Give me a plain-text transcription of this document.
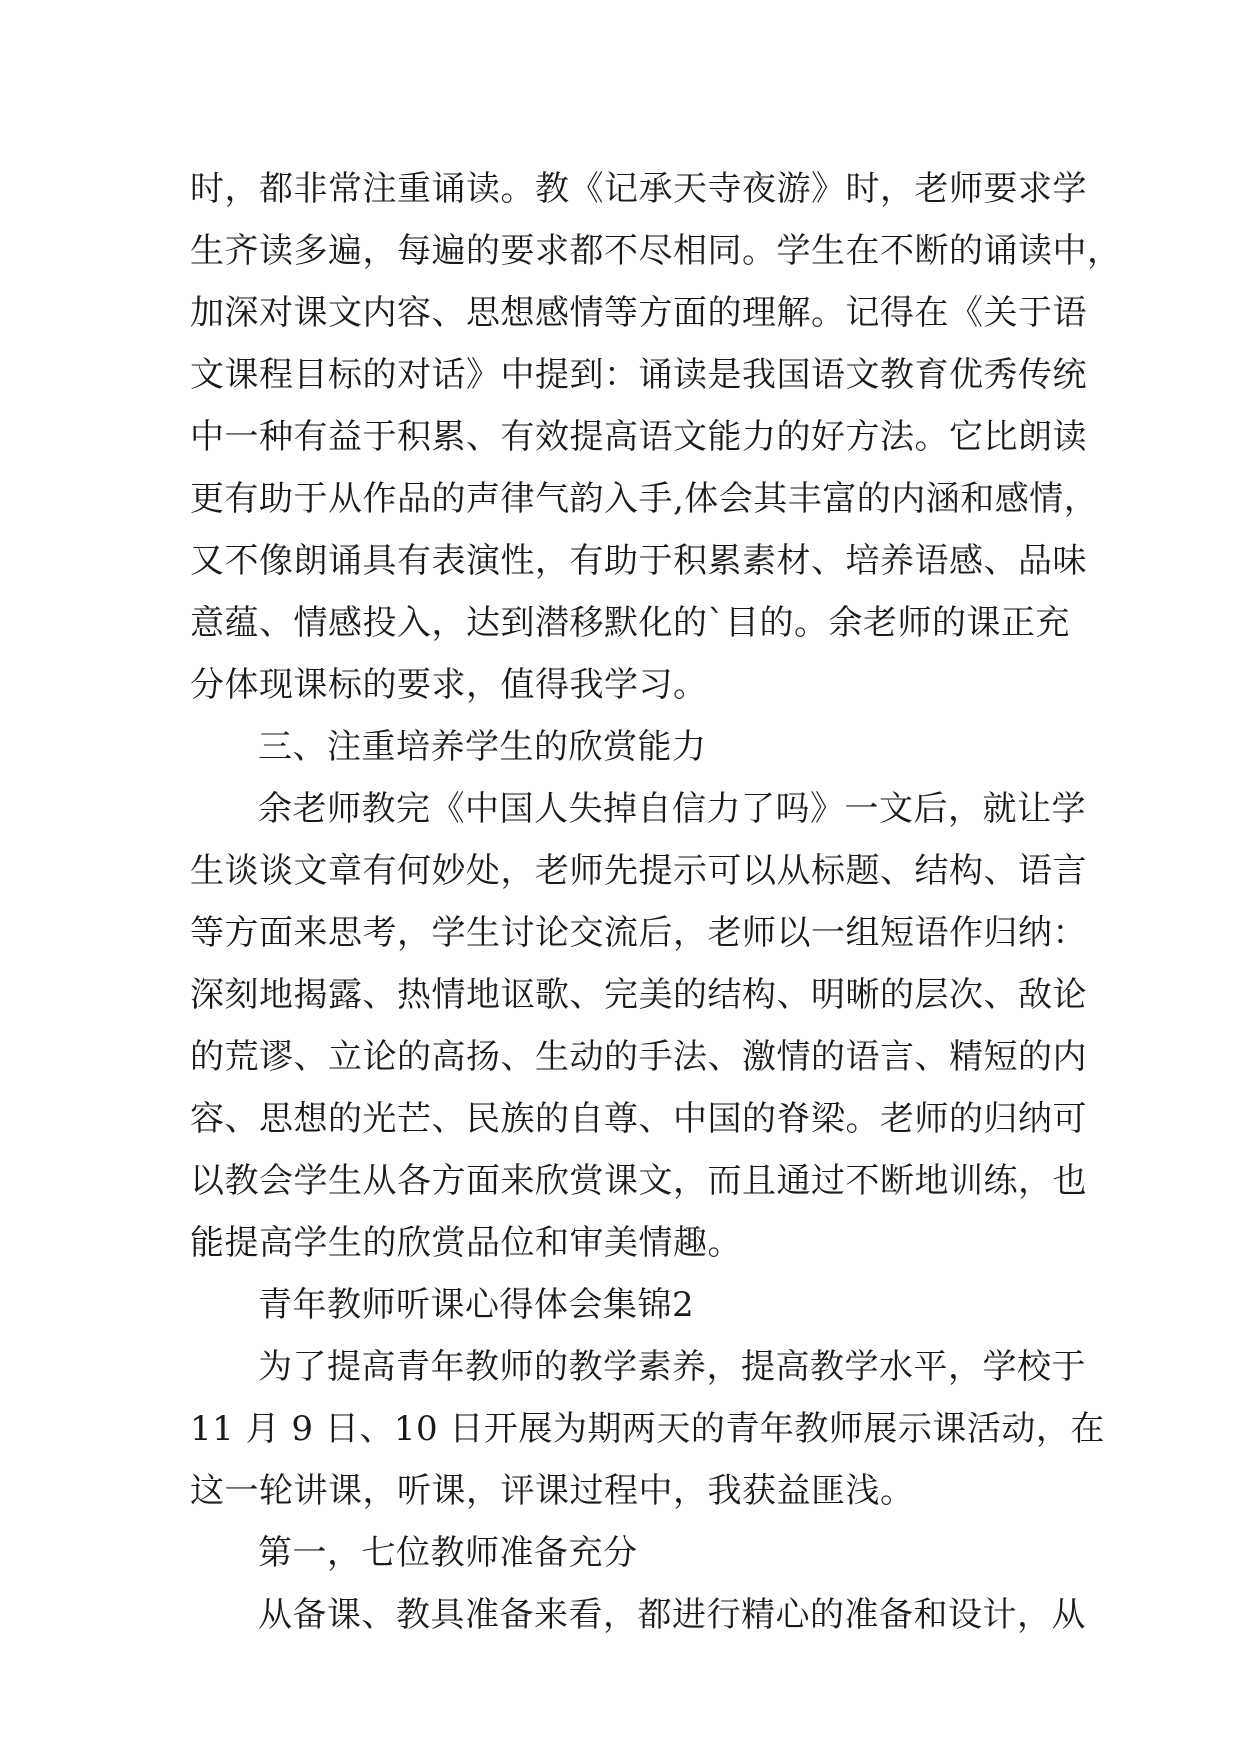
时，都非常注重诵读。教《记承天寺夜游》时，老师要求学
生齐读多遍，每遍的要求都不尽相同。学生在不断的诵读中，
加深对课文内容、思想感情等方面的理解。记得在《关于语
文课程目标的对话》中提到：诵读是我国语文教育优秀传统
中一种有益于积累、有效提高语文能力的好方法。它比朗读
更有助于从作品的声律气韵入手,体会其丰富的内涵和感情，
又不像朗诵具有表演性，有助于积累素材、培养语感、品味
意蕴、情感投入，达到潜移默化的`目的。余老师的课正充
分体现课标的要求，值得我学习。
三、注重培养学生的欣赏能力
余老师教完《中国人失掉自信力了吗》一文后，就让学
生谈谈文章有何妙处，老师先提示可以从标题、结构、语言
等方面来思考，学生讨论交流后，老师以一组短语作归纳：
深刻地揭露、热情地讴歌、完美的结构、明晰的层次、敌论
的荒谬、立论的高扬、生动的手法、激情的语言、精短的内
容、思想的光芒、民族的自尊、中国的脊梁。老师的归纳可
以教会学生从各方面来欣赏课文，而且通过不断地训练，也
能提高学生的欣赏品位和审美情趣。
青年教师听课心得体会集锦2
为了提高青年教师的教学素养，提高教学水平，学校于
11 月 9 日、10 日开展为期两天的青年教师展示课活动，在
这一轮讲课，听课，评课过程中，我获益匪浅。
第一，七位教师准备充分
从备课、教具准备来看，都进行精心的准备和设计，从
